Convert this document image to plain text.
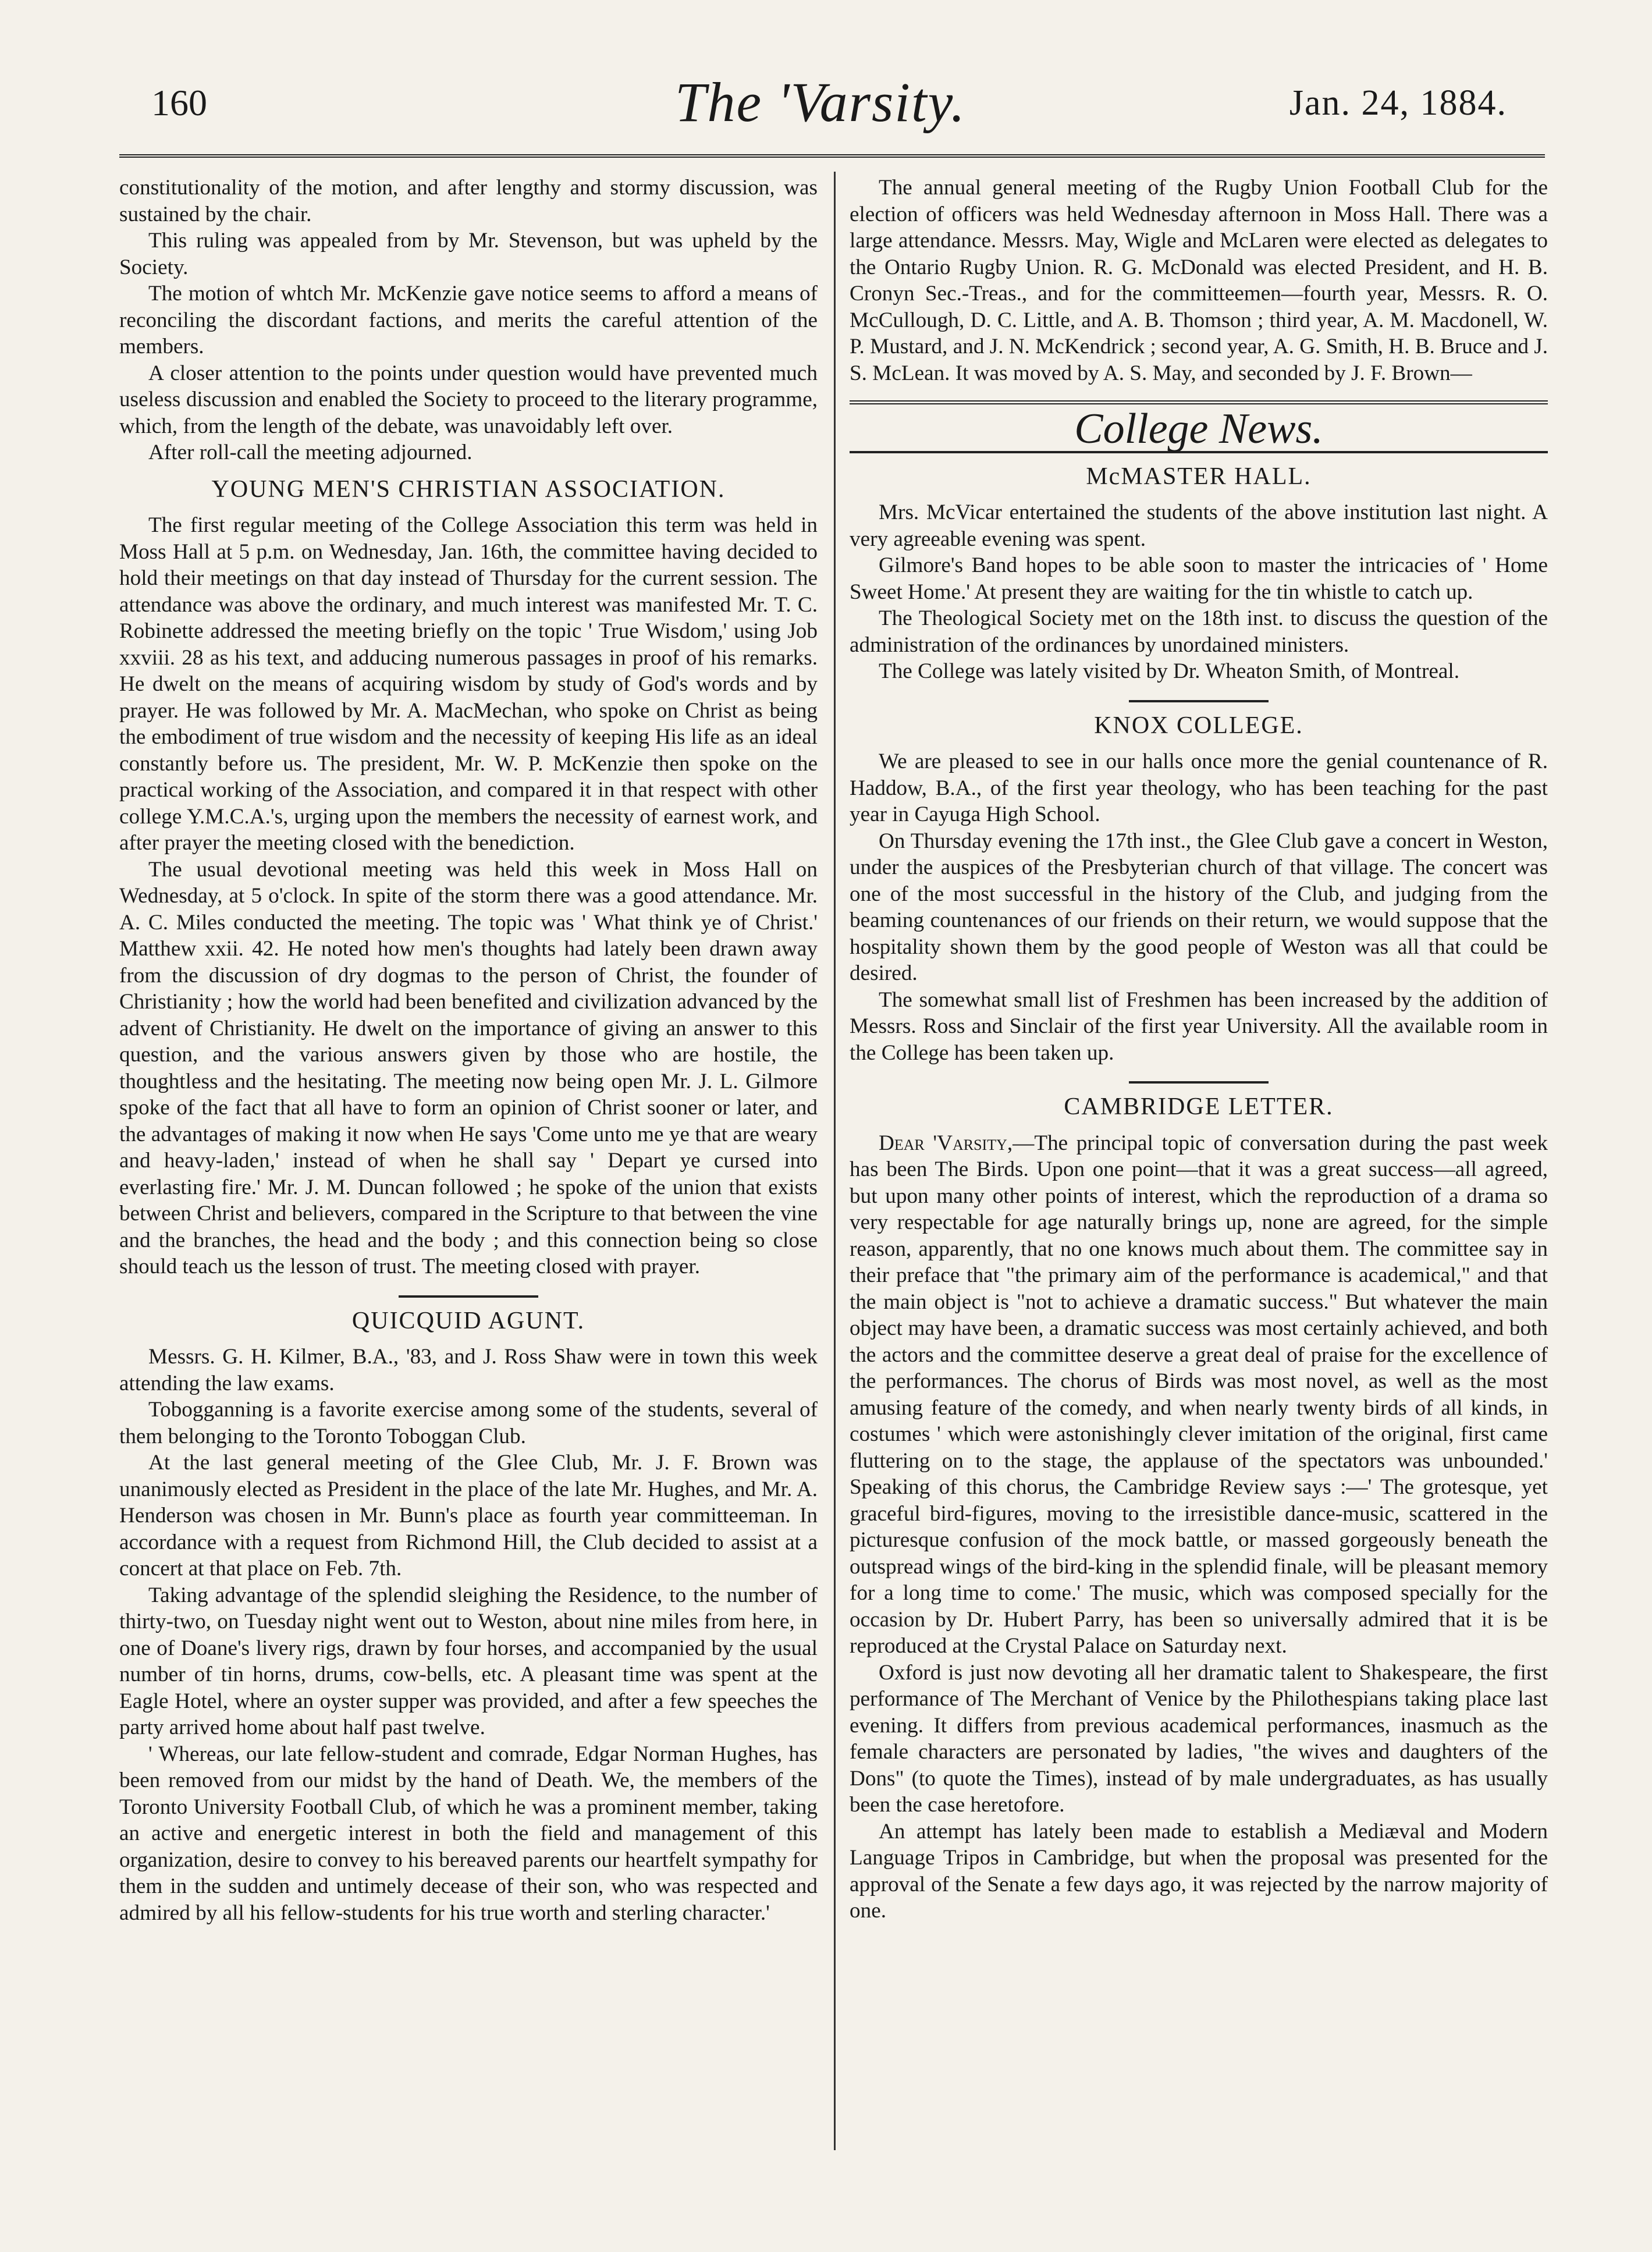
160	The 'Varsity.	Jan. 24, 1884.

constitutionality of the motion, and after lengthy and stormy discussion, was sustained by the chair.

This ruling was appealed from by Mr. Stevenson, but was upheld by the Society.

The motion of whtch Mr. McKenzie gave notice seems to afford a means of reconciling the discordant factions, and merits the careful attention of the members.

A closer attention to the points under question would have prevented much useless discussion and enabled the Society to proceed to the literary programme, which, from the length of the debate, was unavoidably left over.

After roll-call the meeting adjourned.

YOUNG MEN'S CHRISTIAN ASSOCIATION.

The first regular meeting of the College Association this term was held in Moss Hall at 5 p.m. on Wednesday, Jan. 16th, the committee having decided to hold their meetings on that day instead of Thursday for the current session. The attendance was above the ordinary, and much interest was manifested Mr. T. C. Robinette addressed the meeting briefly on the topic ' True Wisdom,' using Job xxviii. 28 as his text, and adducing numerous passages in proof of his remarks. He dwelt on the means of acquiring wisdom by study of God's words and by prayer. He was followed by Mr. A. MacMechan, who spoke on Christ as being the embodiment of true wisdom and the necessity of keeping His life as an ideal constantly before us. The president, Mr. W. P. McKenzie then spoke on the practical working of the Association, and compared it in that respect with other college Y.M.C.A.'s, urging upon the members the necessity of earnest work, and after prayer the meeting closed with the benediction.

The usual devotional meeting was held this week in Moss Hall on Wednesday, at 5 o'clock. In spite of the storm there was a good attendance. Mr. A. C. Miles conducted the meeting. The topic was ' What think ye of Christ.' Matthew xxii. 42. He noted how men's thoughts had lately been drawn away from the discussion of dry dogmas to the person of Christ, the founder of Christianity ; how the world had been benefited and civilization advanced by the advent of Christianity. He dwelt on the importance of giving an answer to this question, and the various answers given by those who are hostile, the thoughtless and the hesitating. The meeting now being open Mr. J. L. Gilmore spoke of the fact that all have to form an opinion of Christ sooner or later, and the advantages of making it now when He says 'Come unto me ye that are weary and heavy-laden,' instead of when he shall say ' Depart ye cursed into everlasting fire.' Mr. J. M. Duncan followed ; he spoke of the union that exists between Christ and believers, compared in the Scripture to that between the vine and the branches, the head and the body ; and this connection being so close should teach us the lesson of trust. The meeting closed with prayer.

QUICQUID AGUNT.

Messrs. G. H. Kilmer, B.A., '83, and J. Ross Shaw were in town this week attending the law exams.

Tobogganning is a favorite exercise among some of the students, several of them belonging to the Toronto Toboggan Club.

At the last general meeting of the Glee Club, Mr. J. F. Brown was unanimously elected as President in the place of the late Mr. Hughes, and Mr. A. Henderson was chosen in Mr. Bunn's place as fourth year committeeman. In accordance with a request from Richmond Hill, the Club decided to assist at a concert at that place on Feb. 7th.

Taking advantage of the splendid sleighing the Residence, to the number of thirty-two, on Tuesday night went out to Weston, about nine miles from here, in one of Doane's livery rigs, drawn by four horses, and accompanied by the usual number of tin horns, drums, cow-bells, etc. A pleasant time was spent at the Eagle Hotel, where an oyster supper was provided, and after a few speeches the party arrived home about half past twelve.

' Whereas, our late fellow-student and comrade, Edgar Norman Hughes, has been removed from our midst by the hand of Death. We, the members of the Toronto University Football Club, of which he was a prominent member, taking an active and energetic interest in both the field and management of this organization, desire to convey to his bereaved parents our heartfelt sympathy for them in the sudden and untimely decease of their son, who was respected and admired by all his fellow-students for his true worth and sterling character.'

The annual general meeting of the Rugby Union Football Club for the election of officers was held Wednesday afternoon in Moss Hall. There was a large attendance. Messrs. May, Wigle and McLaren were elected as delegates to the Ontario Rugby Union. R. G. McDonald was elected President, and H. B. Cronyn Sec.-Treas., and for the committeemen—fourth year, Messrs. R. O. McCullough, D. C. Little, and A. B. Thomson ; third year, A. M. Macdonell, W. P. Mustard, and J. N. McKendrick ; second year, A. G. Smith, H. B. Bruce and J. S. McLean. It was moved by A. S. May, and seconded by J. F. Brown—

College News.
McMASTER HALL.

Mrs. McVicar entertained the students of the above institution last night. A very agreeable evening was spent.

Gilmore's Band hopes to be able soon to master the intricacies of ' Home Sweet Home.' At present they are waiting for the tin whistle to catch up.

The Theological Society met on the 18th inst. to discuss the question of the administration of the ordinances by unordained ministers.

The College was lately visited by Dr. Wheaton Smith, of Montreal.

KNOX COLLEGE.

We are pleased to see in our halls once more the genial countenance of R. Haddow, B.A., of the first year theology, who has been teaching for the past year in Cayuga High School.

On Thursday evening the 17th inst., the Glee Club gave a concert in Weston, under the auspices of the Presbyterian church of that village. The concert was one of the most successful in the history of the Club, and judging from the beaming countenances of our friends on their return, we would suppose that the hospitality shown them by the good people of Weston was all that could be desired.

The somewhat small list of Freshmen has been increased by the addition of Messrs. Ross and Sinclair of the first year University. All the available room in the College has been taken up.

CAMBRIDGE LETTER.

Dear 'Varsity,—The principal topic of conversation during the past week has been The Birds. Upon one point—that it was a great success—all agreed, but upon many other points of interest, which the reproduction of a drama so very respectable for age naturally brings up, none are agreed, for the simple reason, apparently, that no one knows much about them. The committee say in their preface that "the primary aim of the performance is academical," and that the main object is "not to achieve a dramatic success." But whatever the main object may have been, a dramatic success was most certainly achieved, and both the actors and the committee deserve a great deal of praise for the excellence of the performances. The chorus of Birds was most novel, as well as the most amusing feature of the comedy, and when nearly twenty birds of all kinds, in costumes ' which were astonishingly clever imitation of the original, first came fluttering on to the stage, the applause of the spectators was unbounded.' Speaking of this chorus, the Cambridge Review says :—' The grotesque, yet graceful bird-figures, moving to the irresistible dance-music, scattered in the picturesque confusion of the mock battle, or massed gorgeously beneath the outspread wings of the bird-king in the splendid finale, will be pleasant memory for a long time to come.' The music, which was composed specially for the occasion by Dr. Hubert Parry, has been so universally admired that it is be reproduced at the Crystal Palace on Saturday next.

Oxford is just now devoting all her dramatic talent to Shakespeare, the first performance of The Merchant of Venice by the Philothespians taking place last evening. It differs from previous academical performances, inasmuch as the female characters are personated by ladies, "the wives and daughters of the Dons" (to quote the Times), instead of by male undergraduates, as has usually been the case heretofore.

An attempt has lately been made to establish a Mediæval and Modern Language Tripos in Cambridge, but when the proposal was presented for the approval of the Senate a few days ago, it was rejected by the narrow majority of one.
